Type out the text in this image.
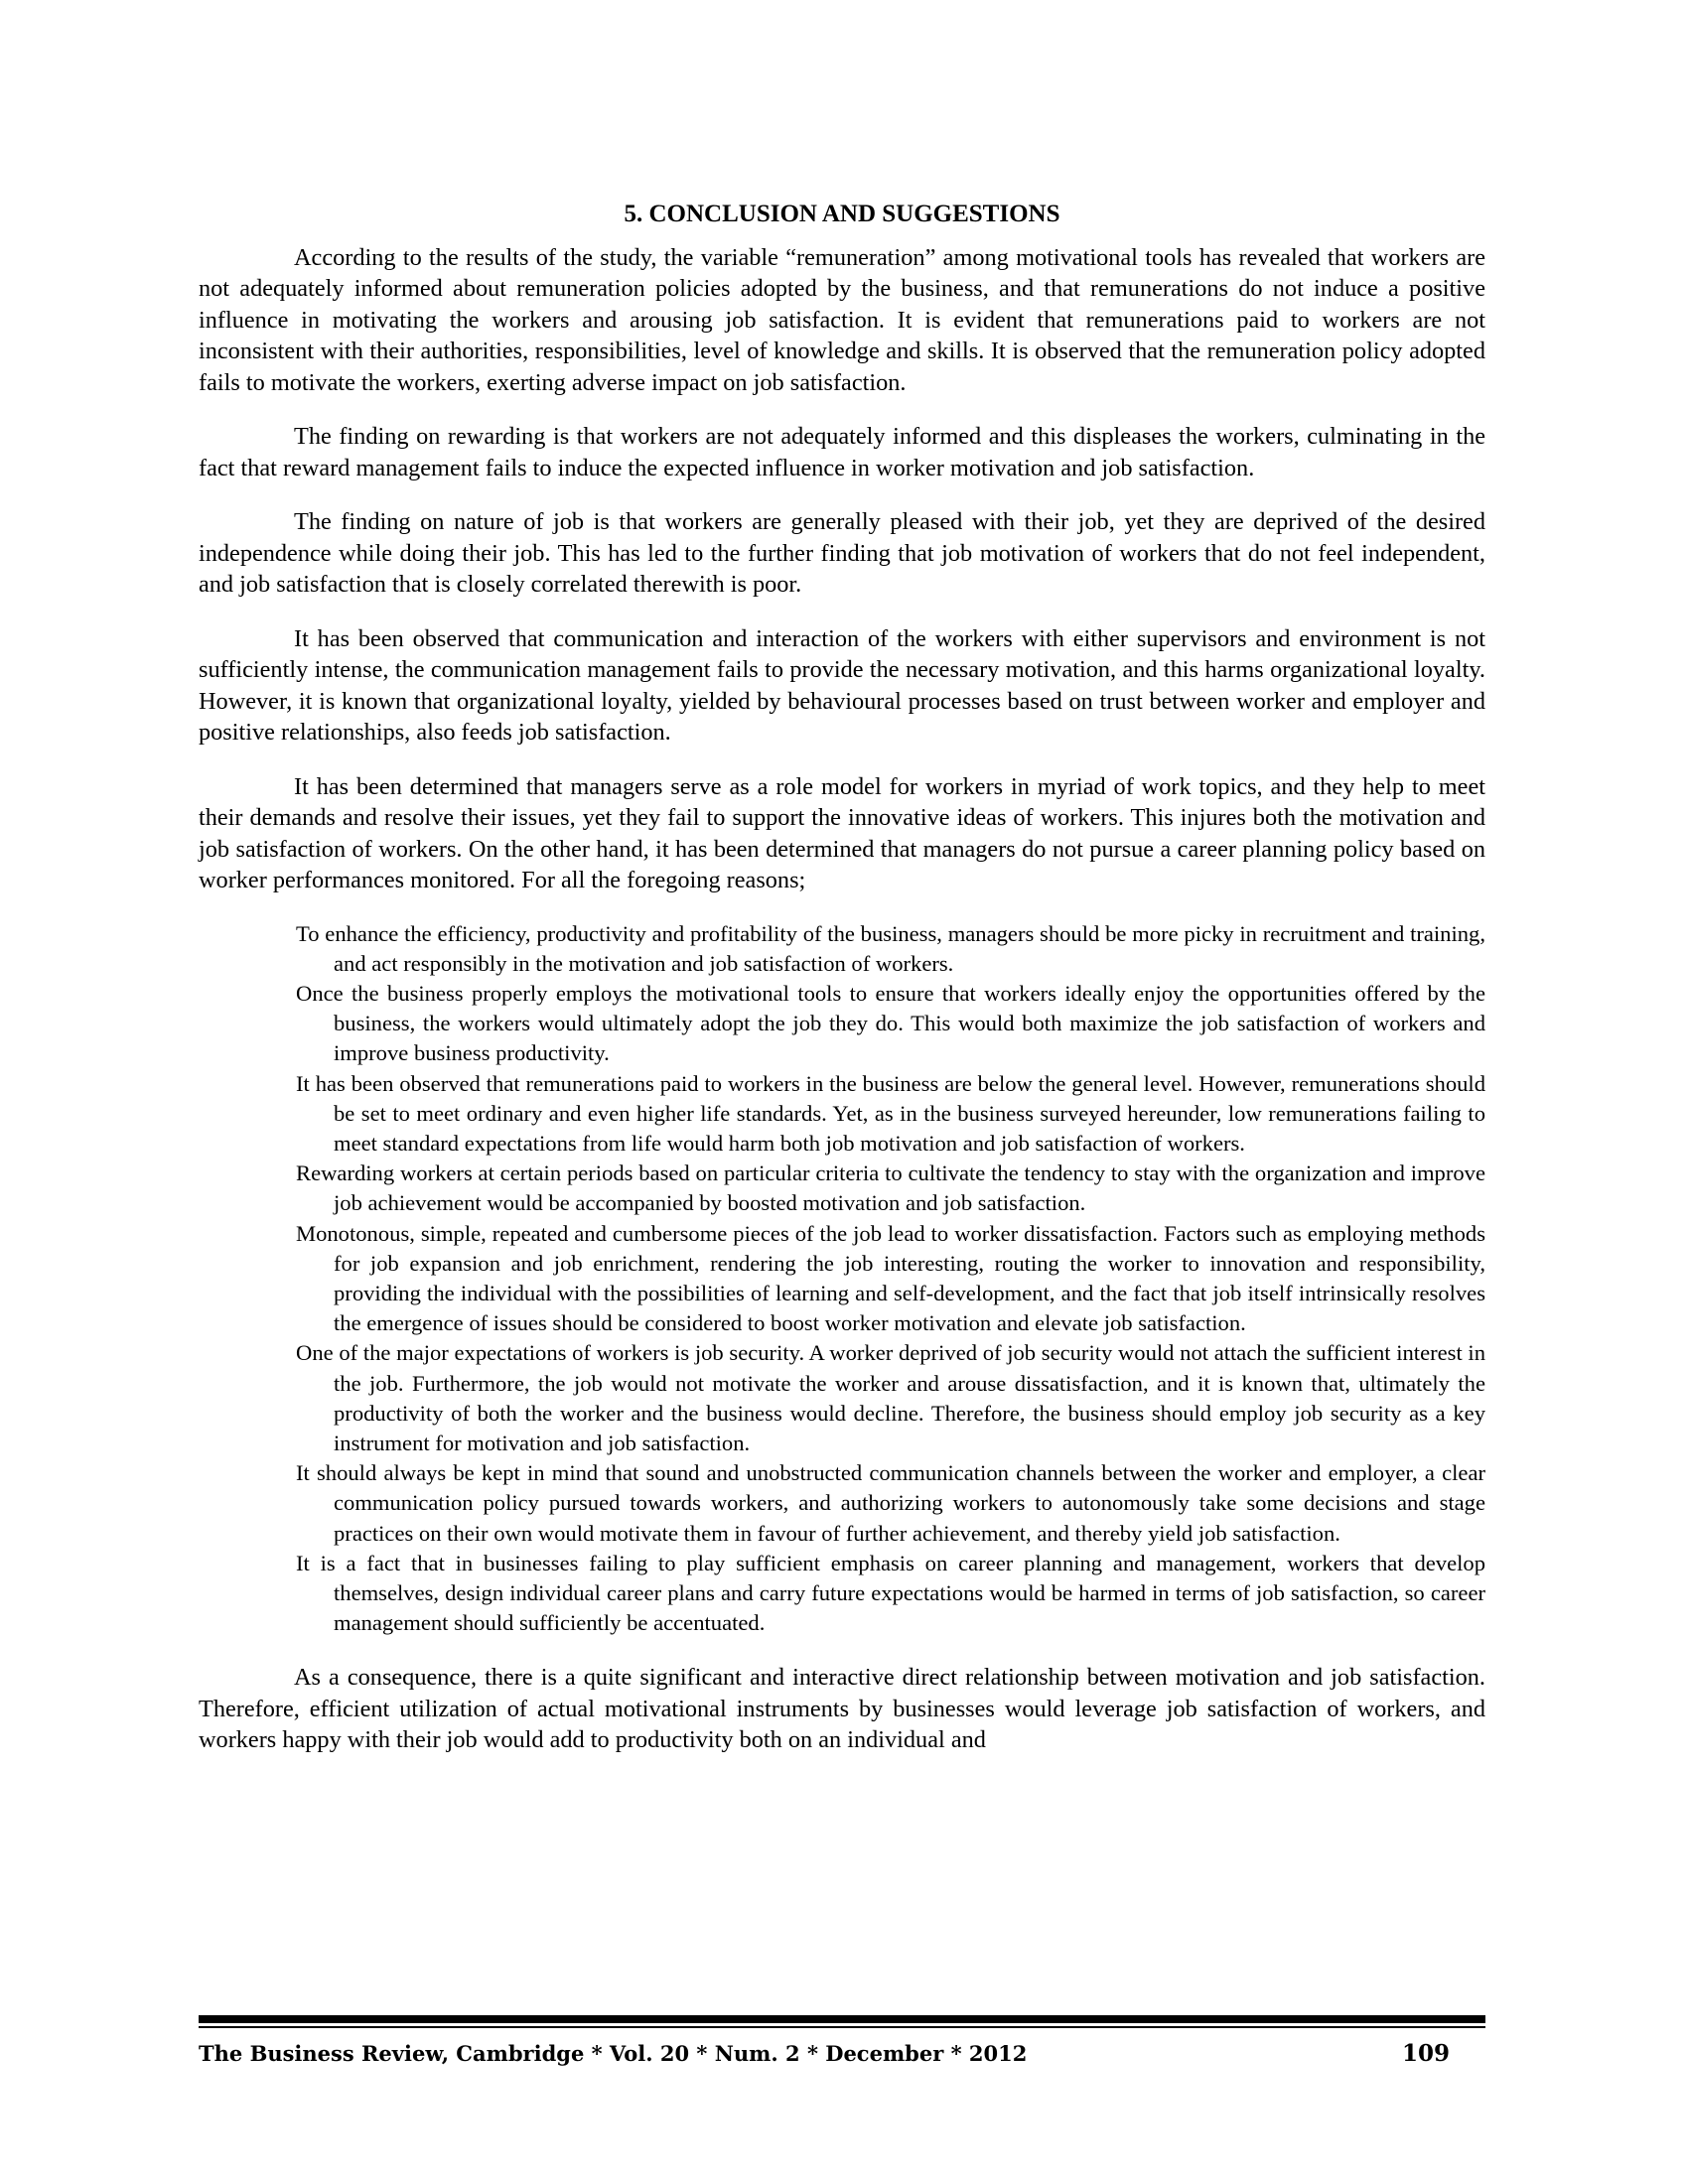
5. CONCLUSION AND SUGGESTIONS

According to the results of the study, the variable “remuneration” among motivational tools has revealed that workers are not adequately informed about remuneration policies adopted by the business, and that remunerations do not induce a positive influence in motivating the workers and arousing job satisfaction. It is evident that remunerations paid to workers are not inconsistent with their authorities, responsibilities, level of knowledge and skills. It is observed that the remuneration policy adopted fails to motivate the workers, exerting adverse impact on job satisfaction.

The finding on rewarding is that workers are not adequately informed and this displeases the workers, culminating in the fact that reward management fails to induce the expected influence in worker motivation and job satisfaction.

The finding on nature of job is that workers are generally pleased with their job, yet they are deprived of the desired independence while doing their job. This has led to the further finding that job motivation of workers that do not feel independent, and job satisfaction that is closely correlated therewith is poor.

It has been observed that communication and interaction of the workers with either supervisors and environment is not sufficiently intense, the communication management fails to provide the necessary motivation, and this harms organizational loyalty. However, it is known that organizational loyalty, yielded by behavioural processes based on trust between worker and employer and positive relationships, also feeds job satisfaction.

It has been determined that managers serve as a role model for workers in myriad of work topics, and they help to meet their demands and resolve their issues, yet they fail to support the innovative ideas of workers. This injures both the motivation and job satisfaction of workers. On the other hand, it has been determined that managers do not pursue a career planning policy based on worker performances monitored. For all the foregoing reasons;

To enhance the efficiency, productivity and profitability of the business, managers should be more picky in recruitment and training, and act responsibly in the motivation and job satisfaction of workers.
Once the business properly employs the motivational tools to ensure that workers ideally enjoy the opportunities offered by the business, the workers would ultimately adopt the job they do. This would both maximize the job satisfaction of workers and improve business productivity.
It has been observed that remunerations paid to workers in the business are below the general level. However, remunerations should be set to meet ordinary and even higher life standards. Yet, as in the business surveyed hereunder, low remunerations failing to meet standard expectations from life would harm both job motivation and job satisfaction of workers.
Rewarding workers at certain periods based on particular criteria to cultivate the tendency to stay with the organization and improve job achievement would be accompanied by boosted motivation and job satisfaction.
Monotonous, simple, repeated and cumbersome pieces of the job lead to worker dissatisfaction. Factors such as employing methods for job expansion and job enrichment, rendering the job interesting, routing the worker to innovation and responsibility, providing the individual with the possibilities of learning and self-development, and the fact that job itself intrinsically resolves the emergence of issues should be considered to boost worker motivation and elevate job satisfaction.
One of the major expectations of workers is job security. A worker deprived of job security would not attach the sufficient interest in the job. Furthermore, the job would not motivate the worker and arouse dissatisfaction, and it is known that, ultimately the productivity of both the worker and the business would decline. Therefore, the business should employ job security as a key instrument for motivation and job satisfaction.
It should always be kept in mind that sound and unobstructed communication channels between the worker and employer, a clear communication policy pursued towards workers, and authorizing workers to autonomously take some decisions and stage practices on their own would motivate them in favour of further achievement, and thereby yield job satisfaction.
It is a fact that in businesses failing to play sufficient emphasis on career planning and management, workers that develop themselves, design individual career plans and carry future expectations would be harmed in terms of job satisfaction, so career management should sufficiently be accentuated.

As a consequence, there is a quite significant and interactive direct relationship between motivation and job satisfaction. Therefore, efficient utilization of actual motivational instruments by businesses would leverage job satisfaction of workers, and workers happy with their job would add to productivity both on an individual and

The Business Review, Cambridge * Vol. 20 * Num. 2 * December * 2012	109
